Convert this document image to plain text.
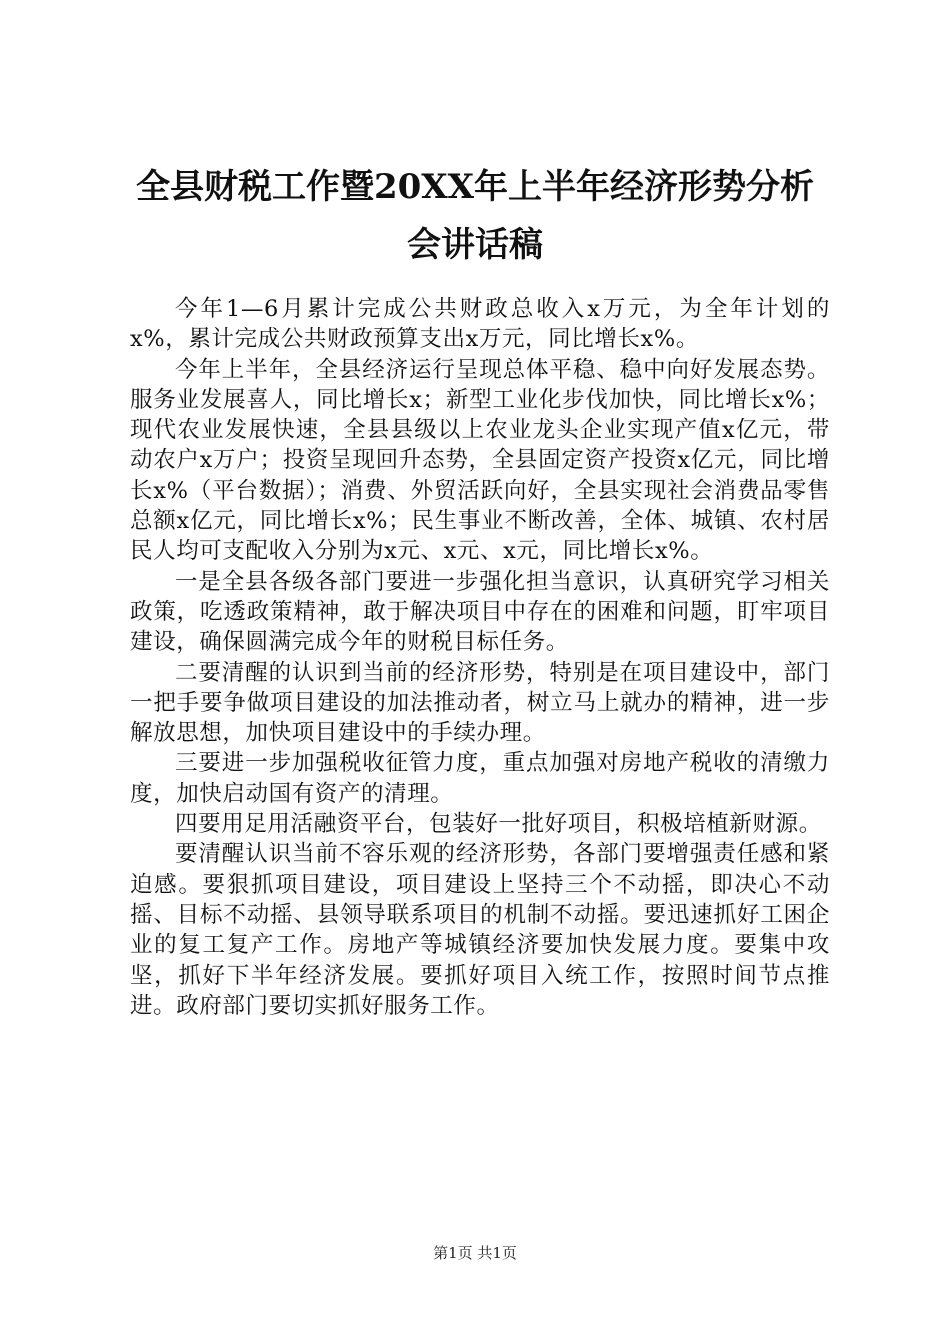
全县财税工作暨20XX年上半年经济形势分析
会讲话稿

今年1—6月累计完成公共财政总收入x万元，为全年计划的x%，累计完成公共财政预算支出x万元，同比增长x%。

今年上半年，全县经济运行呈现总体平稳、稳中向好发展态势。服务业发展喜人，同比增长x；新型工业化步伐加快，同比增长x%；现代农业发展快速，全县县级以上农业龙头企业实现产值x亿元，带动农户x万户；投资呈现回升态势，全县固定资产投资x亿元，同比增长x%（平台数据）；消费、外贸活跃向好，全县实现社会消费品零售总额x亿元，同比增长x%；民生事业不断改善，全体、城镇、农村居民人均可支配收入分别为x元、x元、x元，同比增长x%。

一是全县各级各部门要进一步强化担当意识，认真研究学习相关政策，吃透政策精神，敢于解决项目中存在的困难和问题，盯牢项目建设，确保圆满完成今年的财税目标任务。

二要清醒的认识到当前的经济形势，特别是在项目建设中，部门一把手要争做项目建设的加法推动者，树立马上就办的精神，进一步解放思想，加快项目建设中的手续办理。

三要进一步加强税收征管力度，重点加强对房地产税收的清缴力度，加快启动国有资产的清理。

四要用足用活融资平台，包装好一批好项目，积极培植新财源。

要清醒认识当前不容乐观的经济形势，各部门要增强责任感和紧迫感。要狠抓项目建设，项目建设上坚持三个不动摇，即决心不动摇、目标不动摇、县领导联系项目的机制不动摇。要迅速抓好工困企业的复工复产工作。房地产等城镇经济要加快发展力度。要集中攻坚，抓好下半年经济发展。要抓好项目入统工作，按照时间节点推进。政府部门要切实抓好服务工作。

第1页 共1页
